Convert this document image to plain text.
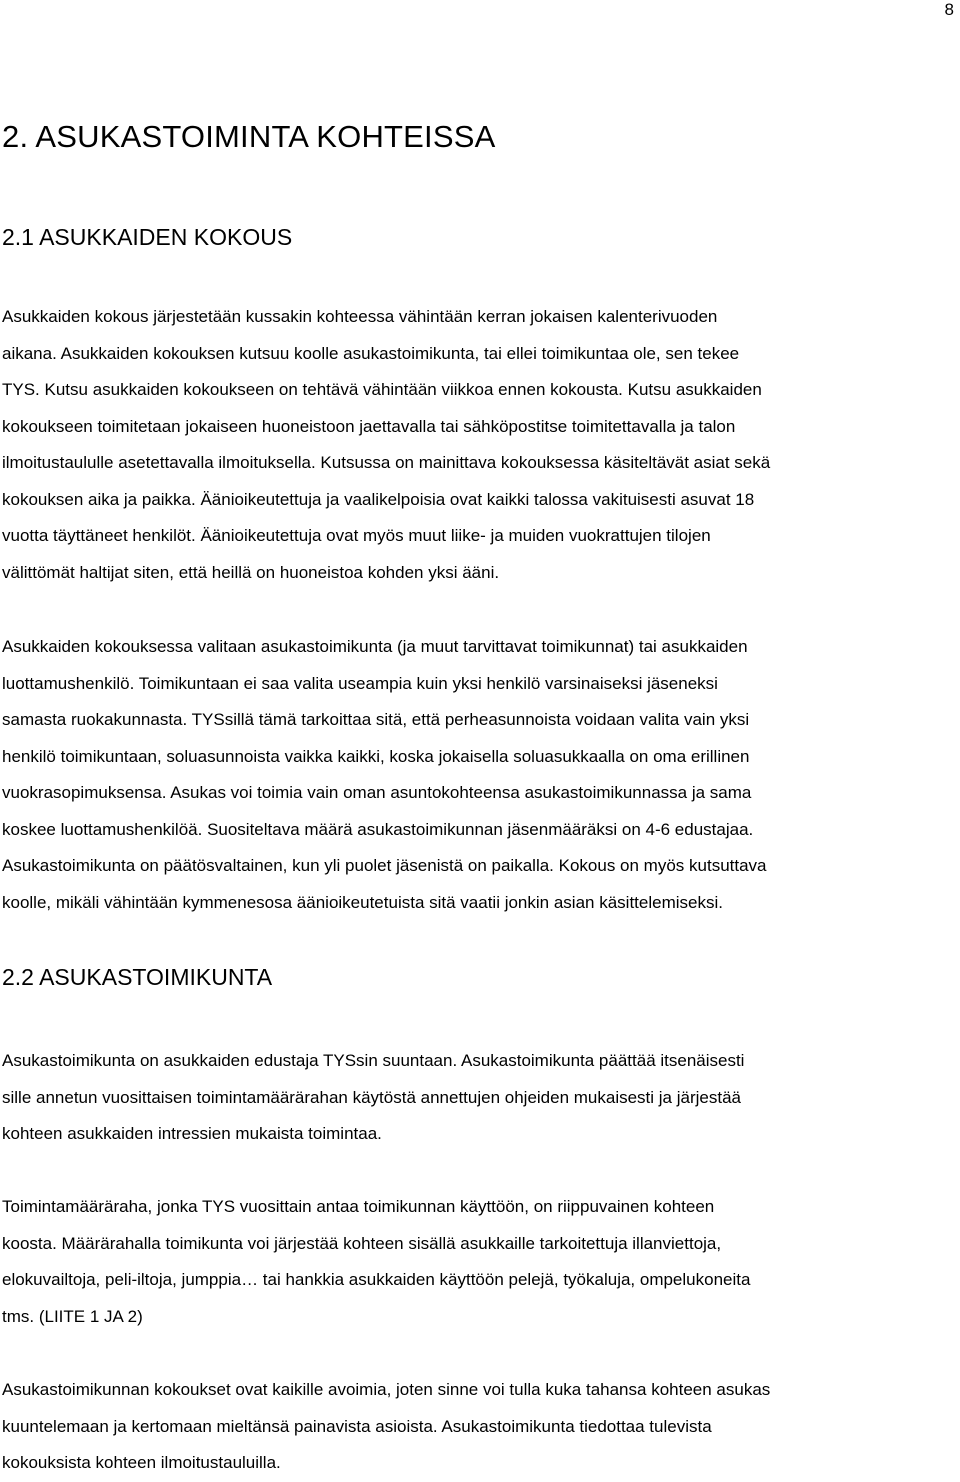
8
2. ASUKASTOIMINTA KOHTEISSA
2.1 ASUKKAIDEN KOKOUS

Asukkaiden kokous järjestetään kussakin kohteessa vähintään kerran jokaisen kalenterivuoden
aikana. Asukkaiden kokouksen kutsuu koolle asukastoimikunta, tai ellei toimikuntaa ole, sen tekee
TYS. Kutsu asukkaiden kokoukseen on tehtävä vähintään viikkoa ennen kokousta. Kutsu asukkaiden
kokoukseen toimitetaan jokaiseen huoneistoon jaettavalla tai sähköpostitse toimitettavalla ja talon
ilmoitustaululle asetettavalla ilmoituksella. Kutsussa on mainittava kokouksessa käsiteltävät asiat sekä
kokouksen aika ja paikka. Äänioikeutettuja ja vaalikelpoisia ovat kaikki talossa vakituisesti asuvat 18
vuotta täyttäneet henkilöt. Äänioikeutettuja ovat myös muut liike- ja muiden vuokrattujen tilojen
välittömät haltijat siten, että heillä on huoneistoa kohden yksi ääni.

Asukkaiden kokouksessa valitaan asukastoimikunta (ja muut tarvittavat toimikunnat) tai asukkaiden
luottamushenkilö. Toimikuntaan ei saa valita useampia kuin yksi henkilö varsinaiseksi jäseneksi
samasta ruokakunnasta. TYSsillä tämä tarkoittaa sitä, että perheasunnoista voidaan valita vain yksi
henkilö toimikuntaan, soluasunnoista vaikka kaikki, koska jokaisella soluasukkaalla on oma erillinen
vuokrasopimuksensa. Asukas voi toimia vain oman asuntokohteensa asukastoimikunnassa ja sama
koskee luottamushenkilöä. Suositeltava määrä asukastoimikunnan jäsenmääräksi on 4-6 edustajaa.
Asukastoimikunta on päätösvaltainen, kun yli puolet jäsenistä on paikalla. Kokous on myös kutsuttava
koolle, mikäli vähintään kymmenesosa äänioikeutetuista sitä vaatii jonkin asian käsittelemiseksi.

2.2 ASUKASTOIMIKUNTA

Asukastoimikunta on asukkaiden edustaja TYSsin suuntaan. Asukastoimikunta päättää itsenäisesti
sille annetun vuosittaisen toimintamäärärahan käytöstä annettujen ohjeiden mukaisesti ja järjestää
kohteen asukkaiden intressien mukaista toimintaa.

Toimintamääräraha, jonka TYS vuosittain antaa toimikunnan käyttöön, on riippuvainen kohteen
koosta. Määrärahalla toimikunta voi järjestää kohteen sisällä asukkaille tarkoitettuja illanviettoja,
elokuvailtoja, peli-iltoja, jumppia… tai hankkia asukkaiden käyttöön pelejä, työkaluja, ompelukoneita
tms. (LIITE 1 JA 2)

Asukastoimikunnan kokoukset ovat kaikille avoimia, joten sinne voi tulla kuka tahansa kohteen asukas
kuuntelemaan ja kertomaan mieltänsä painavista asioista. Asukastoimikunta tiedottaa tulevista
kokouksista kohteen ilmoitustauluilla.
